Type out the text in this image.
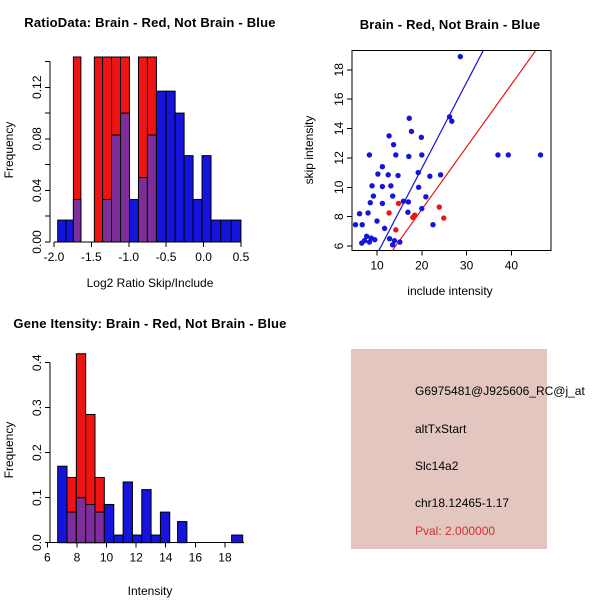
RatioData: Brain - Red, Not Brain - Blue
-2.0 -1.5 -1.0 -0.5 0.0 0.5
0.00
0.04
0.08
0.12
Log2 Ratio Skip/Include
Frequency
Brain - Red, Not Brain - Blue
10	20	30	40
6
8
10
12
14
16
18
include intensity
skip intensity
Gene Itensity: Brain - Red, Not Brain - Blue
6 8 10 12 14 16 18
0.0
0.1
0.2
0.3
0.4
Intensity
Frequency
G6975481@J925606_RC@j_at
altTxStart
Slc14a2
chr18.12465-1.17
Pval: 2.000000
